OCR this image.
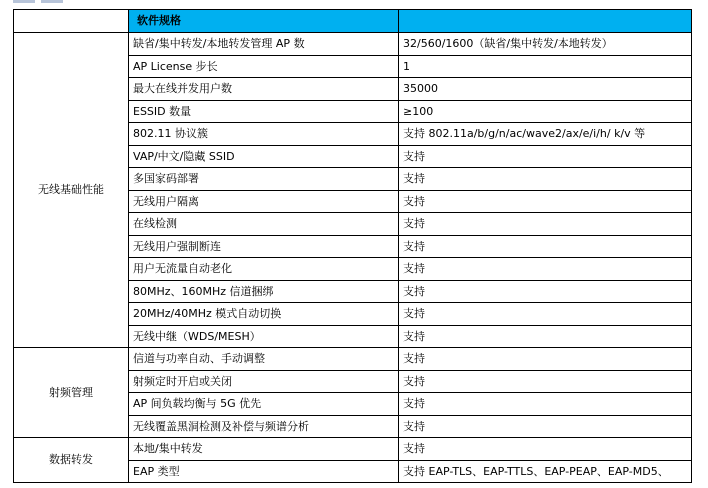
	软件规格	
无线基础性能	缺省/集中转发/本地转发管理 AP 数	32/560/1600（缺省/集中转发/本地转发）
	AP License 步长	1
	最大在线并发用户数	35000
	ESSID 数量	≥100
	802.11 协议簇	支持 802.11a/b/g/n/ac/wave2/ax/e/i/h/ k/v 等
	VAP/中文/隐藏 SSID	支持
	多国家码部署	支持
	无线用户隔离	支持
	在线检测	支持
	无线用户强制断连	支持
	用户无流量自动老化	支持
	80MHz、160MHz 信道捆绑	支持
	20MHz/40MHz 模式自动切换	支持
	无线中继（WDS/MESH）	支持
射频管理	信道与功率自动、手动调整	支持
	射频定时开启或关闭	支持
	AP 间负载均衡与 5G 优先	支持
	无线覆盖黑洞检测及补偿与频谱分析	支持
数据转发	本地/集中转发	支持
	EAP 类型	支持 EAP-TLS、EAP-TTLS、EAP-PEAP、EAP-MD5、
